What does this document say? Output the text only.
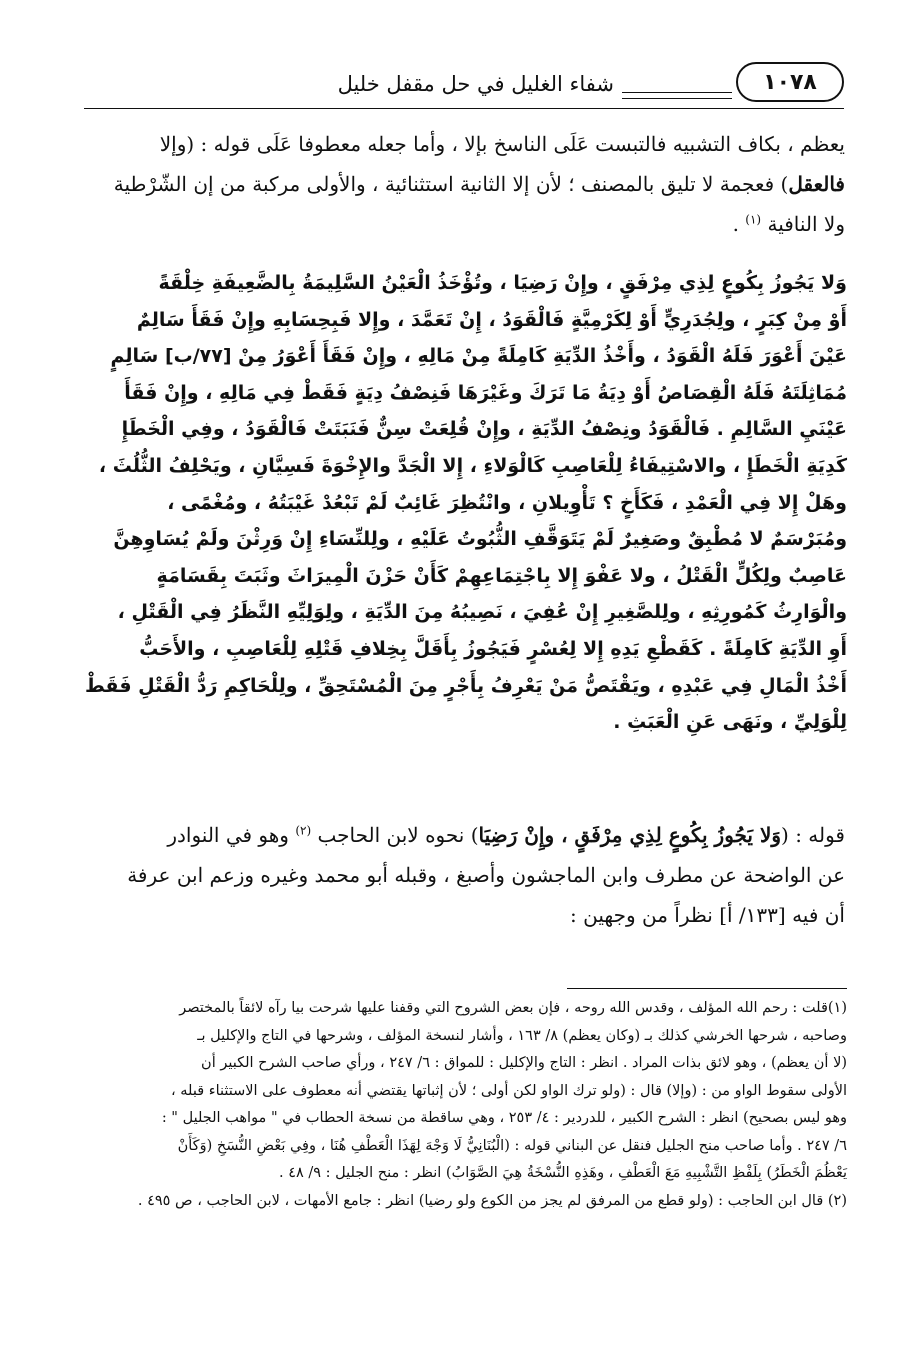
١٠٧٨
شفاء الغليل في حل مقفل خليل

يعظم ، بكاف التشبيه فالتبست عَلَى الناسخ بإلا ، وأما جعله معطوفا عَلَى قوله : (وإلا

فالعقل) فعجمة لا تليق بالمصنف ؛ لأن إلا الثانية استثنائية ، والأولى مركبة من إن الشّرْطية

ولا النافية $^{(١)}$ .

وَلا يَجُوزُ بِكُوعٍ لِذِي مِرْفَقٍ ، وإِنْ رَضِيَا ، وتُؤْخَذُ الْعَيْنُ السَّلِيمَةُ بِالضَّعِيفَةِ خِلْقَةً

أَوْ مِنْ كِبَرٍ ، ولِجُدَرِيٍّ أَوْ لِكَرْمِيَّةٍ فَالْقَوَدُ ، إِنْ تَعَمَّدَ ، وإِلا فَبِحِسَابِهِ وإِنْ فَقَأَ سَالِمٌ

عَيْنَ أَعْوَرَ فَلَهُ الْقَوَدُ ، وأَخْذُ الدِّيَةِ كَامِلَةً مِنْ مَالِهِ ، وإِنْ فَقَأَ أَعْوَرُ مِنْ [٧٧/ب] سَالِمٍ

مُمَاثِلَتَهُ فَلَهُ الْقِصَاصُ أَوْ دِيَةُ مَا تَرَكَ وغَيْرَهَا فَنِصْفُ دِيَةٍ فَقَطْ فِي مَالِهِ ، وإِنْ فَقَأَ

عَيْنَيِ السَّالِمِ . فَالْقَوَدُ ونِصْفُ الدِّيَةِ ، وإِنْ قُلِعَتْ سِنٌّ فَنَبَتَتْ فَالْقَوَدُ ، وفِي الْخَطَإِ

كَدِيَةِ الْخَطَإِ ، والاسْتِيفَاءُ لِلْعَاصِبِ كَالْوَلاءِ ، إِلا الْجَدَّ والإِخْوَةَ فَسِيَّانِ ، ويَحْلِفُ الثُّلُثَ ،

وهَلْ إِلا فِي الْعَمْدِ ، فَكَأَخٍ ؟ تَأْوِيلانِ ، وانْتُظِرَ غَائِبٌ لَمْ تَبْعُدْ غَيْبَتُهُ ، ومُغْمًى ،

ومُبَرْسَمٌ لا مُطْبِقٌ وصَغِيرٌ لَمْ يَتَوَقَّفِ الثُّبُوتُ عَلَيْهِ ، ولِلنِّسَاءِ إِنْ وَرِثْنَ ولَمْ يُسَاوِهِنَّ

عَاصِبٌ ولِكُلٍّ الْقَتْلُ ، ولا عَفْوَ إِلا بِاجْتِمَاعِهِمْ كَأَنْ حَزْنَ الْمِيرَاثَ وثَبَتَ بِقَسَامَةٍ

والْوَارِثُ كَمُورِثِهِ ، ولِلصَّغِيرِ إِنْ عُفِيَ ، نَصِيبُهُ مِنَ الدِّيَةِ ، ولِوَلِيِّهِ النَّظَرُ فِي الْقَتْلِ ،

أَوِ الدِّيَةِ كَامِلَةً . كَقَطْعِ يَدِهِ إِلا لِعُسْرٍ فَيَجُوزُ بِأَقَلَّ بِخِلافِ قَتْلِهِ لِلْعَاصِبِ ، والأَحَبُّ

أَخْذُ الْمَالِ فِي عَبْدِهِ ، ويَقْتَصُّ مَنْ يَعْرِفُ بِأَجْرٍ مِنَ الْمُسْتَحِقِّ ، ولِلْحَاكِمِ رَدُّ الْقَتْلِ فَقَطْ

لِلْوَلِيِّ ، ونَهَى عَنِ الْعَبَثِ .

قوله : (وَلا يَجُوزُ بِكُوعٍ لِذِي مِرْفَقٍ ، وإِنْ رَضِيَا) نحوه لابن الحاجب $^{(٢)}$ وهو في النوادر

عن الواضحة عن مطرف وابن الماجشون وأصبغ ، وقبله أبو محمد وغيره وزعم ابن عرفة

أن فيه [١٣٣/ أ] نظراً من وجهين :

(١)قلت : رحم الله المؤلف ، وقدس الله روحه ، فإن بعض الشروح التي وقفنا عليها شرحت بيا رآه لائقاً بالمختصر

وصاحبه ، شرحها الخرشي كذلك بـ (وكان يعظم) ٨/ ١٦٣ ، وأشار لنسخة المؤلف ، وشرحها في التاج والإكليل بـ

(لا أن يعظم) ، وهو لائق بذات المراد . انظر : التاج والإكليل : للمواق : ٦/ ٢٤٧ ، ورأي صاحب الشرح الكبير أن

الأولى سقوط الواو من : (وإلا) قال : (ولو ترك الواو لكن أولى ؛ لأن إثباتها يقتضي أنه معطوف على الاستثناء قبله ،

وهو ليس بصحيح) انظر : الشرح الكبير ، للدردير : ٤/ ٢٥٣ ، وهي ساقطة من نسخة الحطاب في " مواهب الجليل " :

٦/ ٢٤٧ . وأما صاحب منح الجليل فنقل عن البناني قوله : (الْبُنَانِيُّ لَا وَجْهَ لِهَذَا الْعَطْفِ هُنَا ، وفِي بَعْضِ النُّسَخِ (وَكَأَنْ

يَعْظُمَ الْخَطَرُ) بِلَفْظِ التَّشْبِيهِ مَعَ الْعَطْفِ ، وهَذِهِ النُّسْخَةُ هِيَ الصَّوَابُ) انظر : منح الجليل : ٩/ ٤٨ .

(٢) قال ابن الحاجب : (ولو قطع من المرفق لم يجز من الكوع ولو رضيا) انظر : جامع الأمهات ، لابن الحاجب ، ص ٤٩٥ .
